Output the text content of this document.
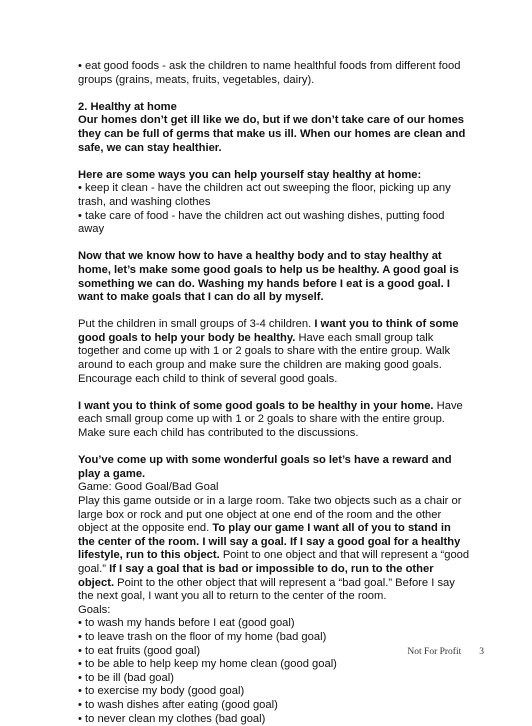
• eat good foods - ask the children to name healthful foods from different food groups (grains, meats, fruits, vegetables, dairy).

2. Healthy at home

Our homes don’t get ill like we do, but if we don’t take care of our homes they can be full of germs that make us ill. When our homes are clean and safe, we can stay healthier.

Here are some ways you can help yourself stay healthy at home:

• keep it clean - have the children act out sweeping the floor, picking up any trash, and washing clothes

• take care of food - have the children act out washing dishes, putting food away

Now that we know how to have a healthy body and to stay healthy at home, let’s make some good goals to help us be healthy. A good goal is something we can do. Washing my hands before I eat is a good goal. I want to make goals that I can do all by myself.

Put the children in small groups of 3-4 children. I want you to think of some good goals to help your body be healthy. Have each small group talk together and come up with 1 or 2 goals to share with the entire group. Walk around to each group and make sure the children are making good goals. Encourage each child to think of several good goals.

I want you to think of some good goals to be healthy in your home. Have each small group come up with 1 or 2 goals to share with the entire group. Make sure each child has contributed to the discussions.

You’ve come up with some wonderful goals so let’s have a reward and play a game.

Game: Good Goal/Bad Goal

Play this game outside or in a large room. Take two objects such as a chair or large box or rock and put one object at one end of the room and the other object at the opposite end. To play our game I want all of you to stand in the center of the room. I will say a goal. If I say a good goal for a healthy lifestyle, run to this object. Point to one object and that will represent a “good goal.” If I say a goal that is bad or impossible to do, run to the other object. Point to the other object that will represent a “bad goal.” Before I say the next goal, I want you all to return to the center of the room.

Goals:

• to wash my hands before I eat (good goal)

• to leave trash on the floor of my home (bad goal)

• to eat fruits (good goal)

• to be able to help keep my home clean (good goal)

• to be ill (bad goal)

• to exercise my body (good goal)

• to wash dishes after eating (good goal)

• to never clean my clothes (bad goal)

Not For Profit 3
